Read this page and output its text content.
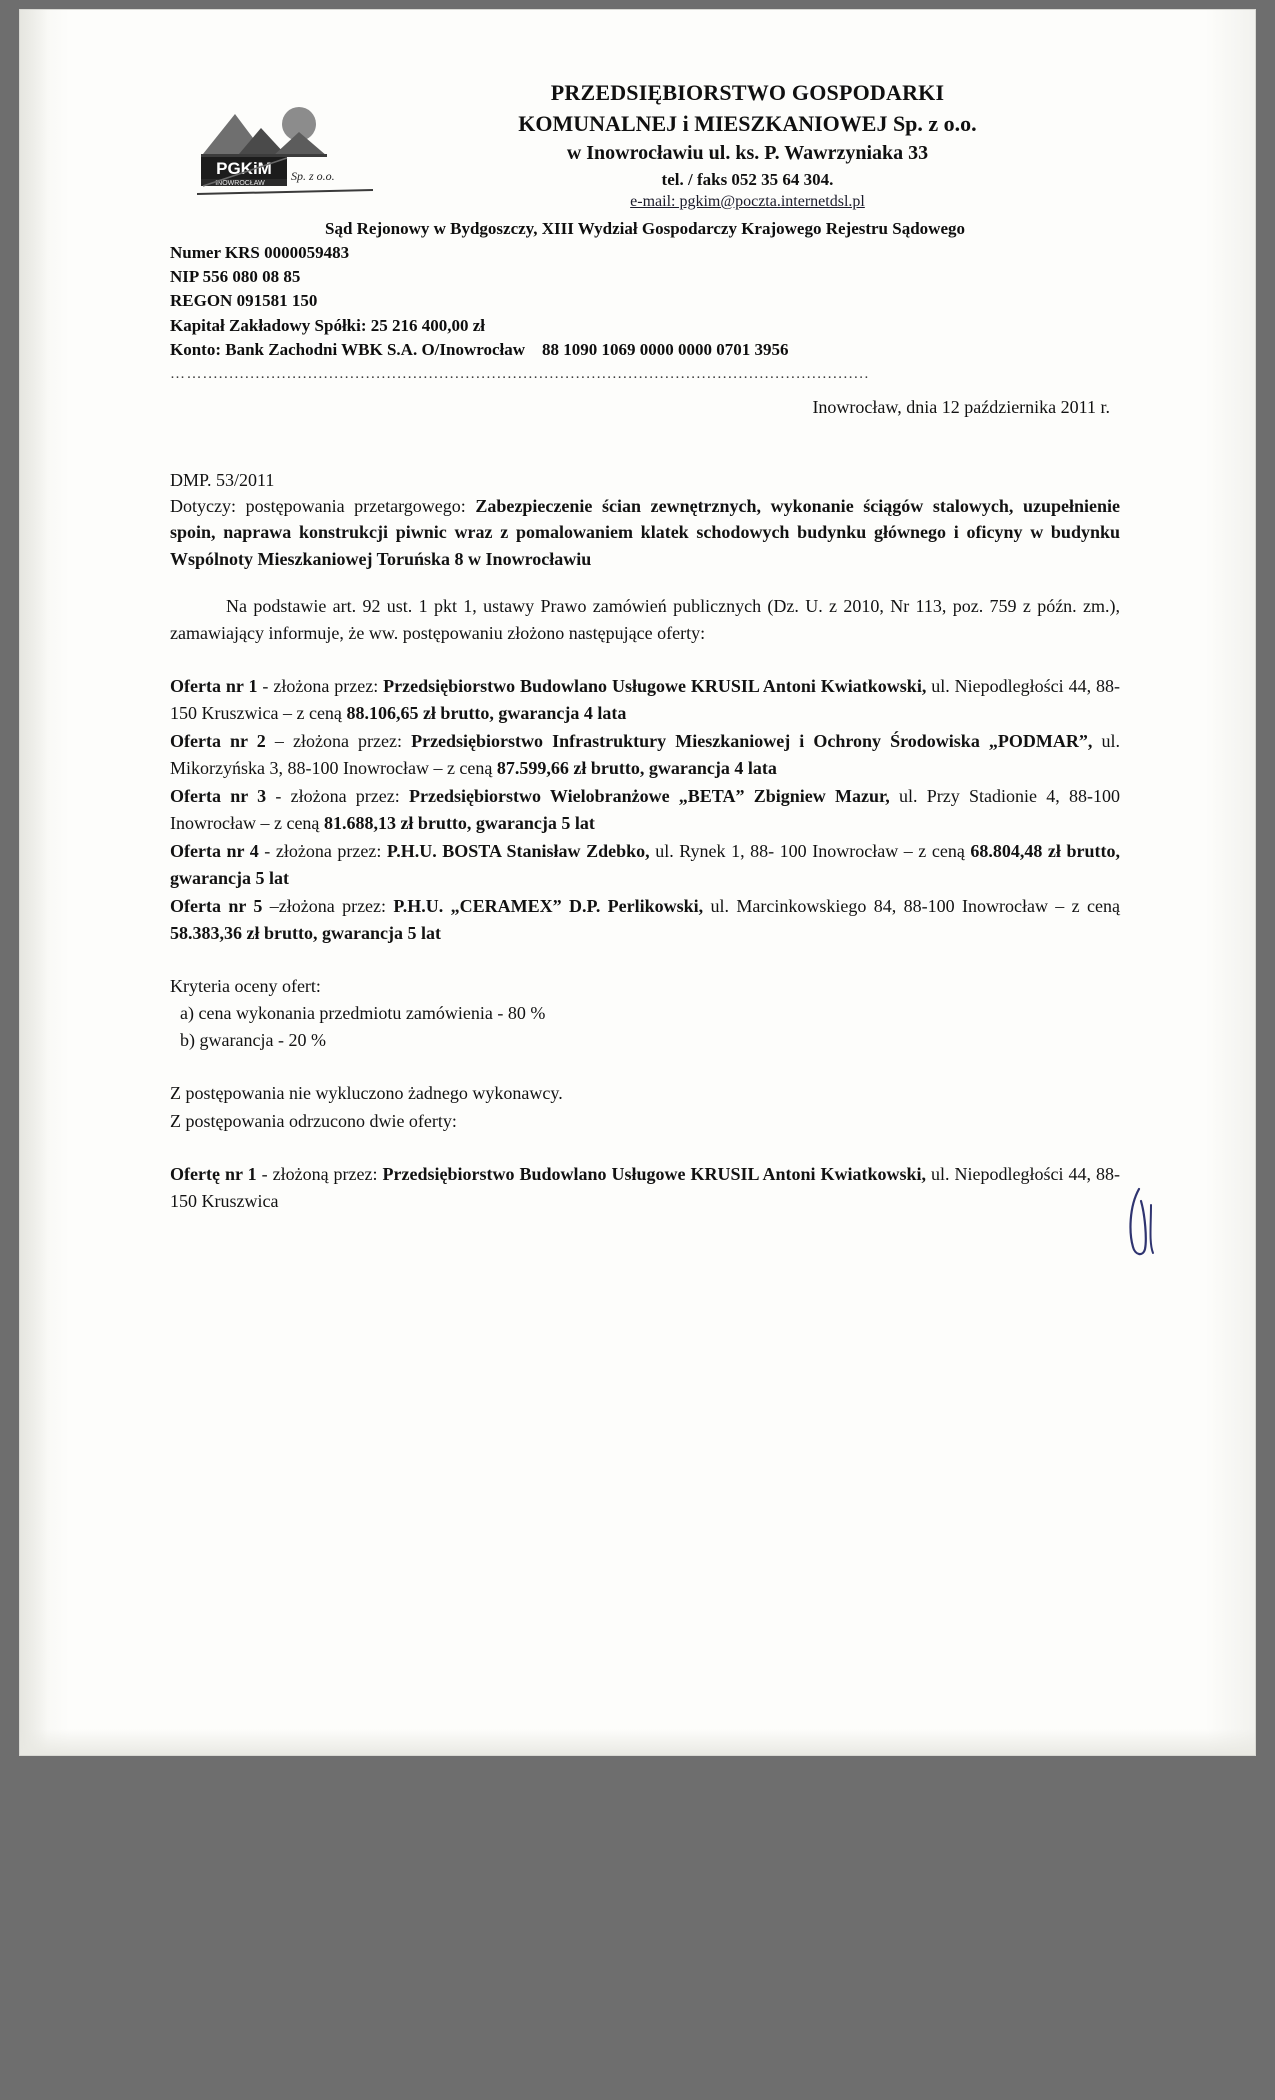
PGKiM
INOWROCŁAW
Sp. z o.o.
PRZEDSIĘBIORSTWO GOSPODARKI
KOMUNALNEJ i MIESZKANIOWEJ Sp. z o.o.
w Inowrocławiu ul. ks. P. Wawrzyniaka 33
tel. / faks 052 35 64 304.
e-mail: pgkim@poczta.internetdsl.pl
Sąd Rejonowy w Bydgoszczy, XIII Wydział Gospodarczy Krajowego Rejestru Sądowego
Numer KRS 0000059483
NIP 556 080 08 85
REGON 091581 150
Kapitał Zakładowy Spółki: 25 216 400,00 zł
Konto: Bank Zachodni WBK S.A. O/Inowrocław    88 1090 1069 0000 0000 0701 3956
……...............................................................................................................................
Inowrocław, dnia 12 października 2011 r.
DMP. 53/2011
Dotyczy: postępowania przetargowego: Zabezpieczenie ścian zewnętrznych, wykonanie ściągów stalowych, uzupełnienie spoin, naprawa konstrukcji piwnic wraz z pomalowaniem klatek schodowych budynku głównego i oficyny w budynku Wspólnoty Mieszkaniowej Toruńska 8 w Inowrocławiu
Na podstawie art. 92 ust. 1 pkt 1, ustawy Prawo zamówień publicznych (Dz. U. z 2010, Nr 113, poz. 759 z późn. zm.), zamawiający informuje, że ww. postępowaniu złożono następujące oferty:
Oferta nr 1 - złożona przez: Przedsiębiorstwo Budowlano Usługowe KRUSIL Antoni Kwiatkowski, ul. Niepodległości 44, 88-150 Kruszwica – z ceną 88.106,65 zł brutto, gwarancja 4 lata
Oferta nr 2 – złożona przez: Przedsiębiorstwo Infrastruktury Mieszkaniowej i Ochrony Środowiska „PODMAR”, ul. Mikorzyńska 3, 88-100 Inowrocław – z ceną 87.599,66 zł brutto, gwarancja 4 lata
Oferta nr 3 - złożona przez: Przedsiębiorstwo Wielobranżowe „BETA” Zbigniew Mazur, ul. Przy Stadionie 4, 88-100 Inowrocław – z ceną 81.688,13 zł brutto, gwarancja 5 lat
Oferta nr 4 - złożona przez: P.H.U. BOSTA Stanisław Zdebko, ul. Rynek 1, 88- 100 Inowrocław – z ceną 68.804,48 zł brutto, gwarancja 5 lat
Oferta nr 5 –złożona przez: P.H.U. „CERAMEX” D.P. Perlikowski, ul. Marcinkowskiego 84, 88-100 Inowrocław – z ceną 58.383,36 zł brutto, gwarancja 5 lat
Kryteria oceny ofert:
a) cena wykonania przedmiotu zamówienia - 80 %
b) gwarancja - 20 %
Z postępowania nie wykluczono żadnego wykonawcy.
Z postępowania odrzucono dwie oferty:
Ofertę nr 1 - złożoną przez: Przedsiębiorstwo Budowlano Usługowe KRUSIL Antoni Kwiatkowski, ul. Niepodległości 44, 88-150 Kruszwica
